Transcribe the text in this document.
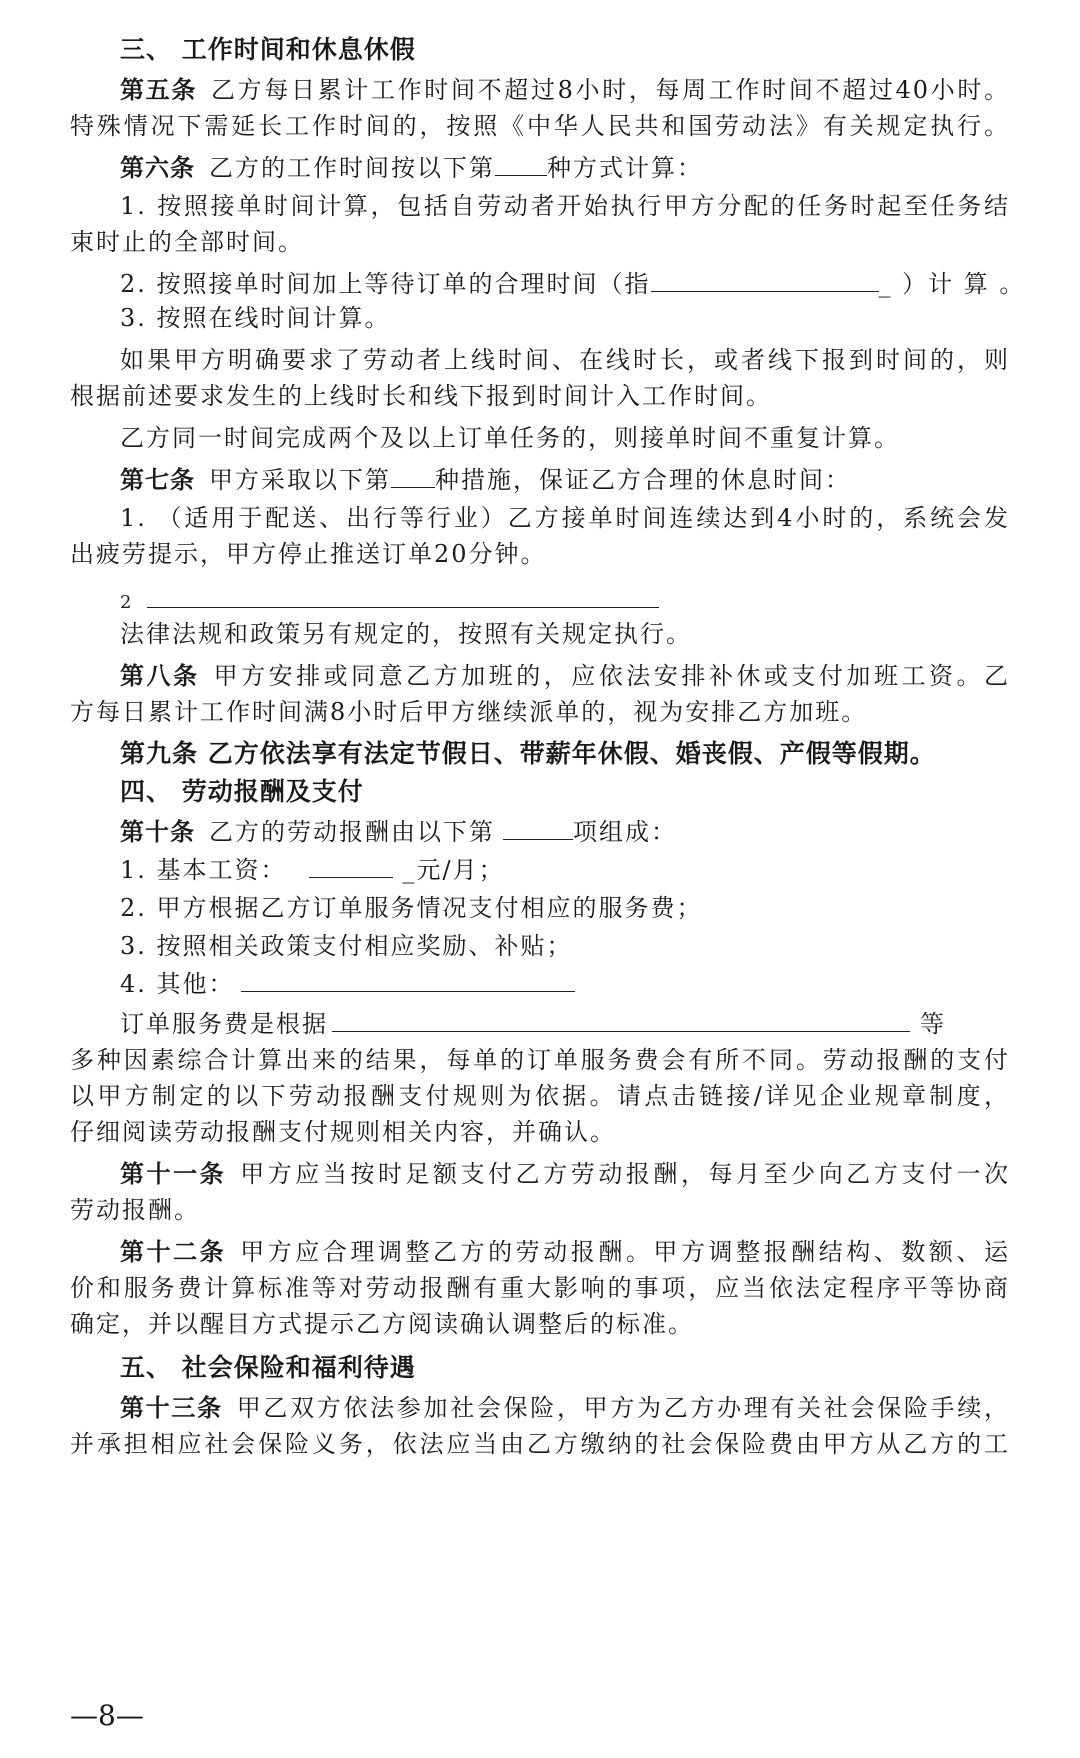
三、 工作时间和休息休假
第五条 乙方每日累计工作时间不超过8小时，每周工作时间不超过40小时。
特殊情况下需延长工作时间的，按照《中华人民共和国劳动法》有关规定执行。
第六条 乙方的工作时间按以下第 种方式计算：
1. 按照接单时间计算，包括自劳动者开始执行甲方分配的任务时起至任务结
束时止的全部时间。
2. 按照接单时间加上等待订单的合理时间（指	_ ）计 算 。
3. 按照在线时间计算。
如果甲方明确要求了劳动者上线时间、在线时长，或者线下报到时间的，则
根据前述要求发生的上线时长和线下报到时间计入工作时间。
乙方同一时间完成两个及以上订单任务的，则接单时间不重复计算。
第七条 甲方采取以下第 种措施，保证乙方合理的休息时间：
1. （适用于配送、出行等行业）乙方接单时间连续达到4小时的，系统会发
出疲劳提示，甲方停止推送订单20分钟。
2
法律法规和政策另有规定的，按照有关规定执行。
第八条 甲方安排或同意乙方加班的，应依法安排补休或支付加班工资。乙
方每日累计工作时间满8小时后甲方继续派单的，视为安排乙方加班。
第九条 乙方依法享有法定节假日、带薪年休假、婚丧假、产假等假期。
四、 劳动报酬及支付
第十条 乙方的劳动报酬由以下第	项组成：
1. 基本工资：	_元/月；
2. 甲方根据乙方订单服务情况支付相应的服务费；
3. 按照相关政策支付相应奖励、补贴；
4. 其他：
订单服务费是根据	等
多种因素综合计算出来的结果，每单的订单服务费会有所不同。劳动报酬的支付
以甲方制定的以下劳动报酬支付规则为依据。请点击链接/详见企业规章制度，
仔细阅读劳动报酬支付规则相关内容，并确认。
第十一条 甲方应当按时足额支付乙方劳动报酬，每月至少向乙方支付一次
劳动报酬。
第十二条 甲方应合理调整乙方的劳动报酬。甲方调整报酬结构、数额、运
价和服务费计算标准等对劳动报酬有重大影响的事项，应当依法定程序平等协商
确定，并以醒目方式提示乙方阅读确认调整后的标准。
五、 社会保险和福利待遇
第十三条 甲乙双方依法参加社会保险，甲方为乙方办理有关社会保险手续，
并承担相应社会保险义务，依法应当由乙方缴纳的社会保险费由甲方从乙方的工
—8—
